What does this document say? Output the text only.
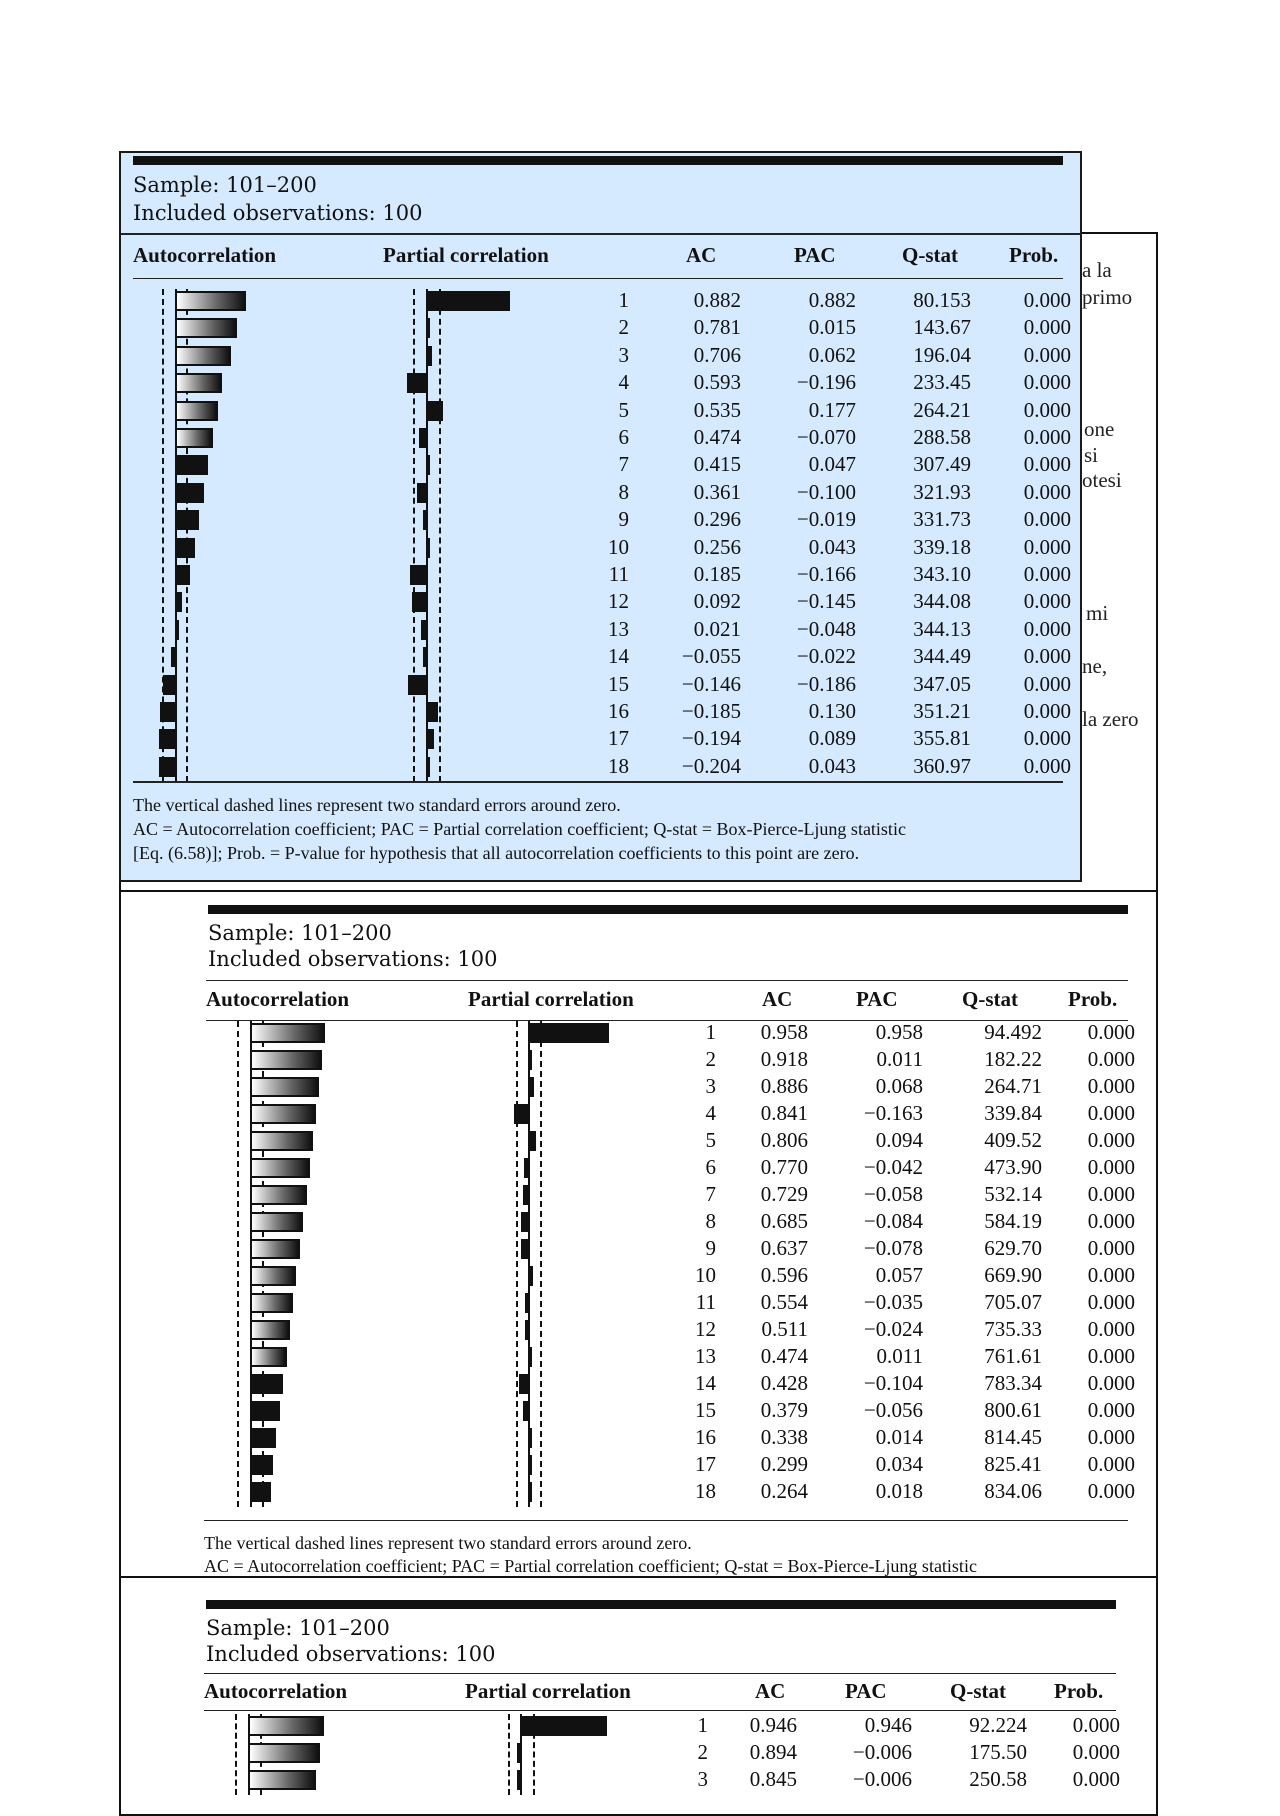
a la
primo
one
si
otesi
mi
ne,
la zero
Sample: 101–200
Included observations: 100
Autocorrelation	Partial correlation	AC	PAC	Q-stat Prob.
1	0.882	0.882	80.153	0.000
2	0.781	0.015	143.67	0.000
3	0.706	0.062	196.04	0.000
4	0.593	−0.196	233.45	0.000
5	0.535	0.177	264.21	0.000
6	0.474	−0.070	288.58	0.000
7	0.415	0.047	307.49	0.000
8	0.361	−0.100	321.93	0.000
9	0.296	−0.019	331.73	0.000
10	0.256	0.043	339.18	0.000
11	0.185	−0.166	343.10	0.000
12	0.092	−0.145	344.08	0.000
13	0.021	−0.048	344.13	0.000
14	−0.055	−0.022	344.49	0.000
15	−0.146	−0.186	347.05	0.000
16	−0.185	0.130	351.21	0.000
17	−0.194	0.089	355.81	0.000
18	−0.204	0.043	360.97	0.000
The vertical dashed lines represent two standard errors around zero.
AC = Autocorrelation coefficient; PAC = Partial correlation coefficient; Q-stat = Box-Pierce-Ljung statistic
[Eq. (6.58)]; Prob. = P-value for hypothesis that all autocorrelation coefficients to this point are zero.
Sample: 101–200
Included observations: 100
Autocorrelation	Partial correlation	AC	PAC	Q-stat Prob.
1	0.958	0.958	94.492	0.000
2	0.918	0.011	182.22	0.000
3	0.886	0.068	264.71	0.000
4	0.841	−0.163	339.84	0.000
5	0.806	0.094	409.52	0.000
6	0.770	−0.042	473.90	0.000
7	0.729	−0.058	532.14	0.000
8	0.685	−0.084	584.19	0.000
9	0.637	−0.078	629.70	0.000
10	0.596	0.057	669.90	0.000
11	0.554	−0.035	705.07	0.000
12	0.511	−0.024	735.33	0.000
13	0.474	0.011	761.61	0.000
14	0.428	−0.104	783.34	0.000
15	0.379	−0.056	800.61	0.000
16	0.338	0.014	814.45	0.000
17	0.299	0.034	825.41	0.000
18	0.264	0.018	834.06	0.000
The vertical dashed lines represent two standard errors around zero.
AC = Autocorrelation coefficient; PAC = Partial correlation coefficient; Q-stat = Box-Pierce-Ljung statistic
Sample: 101–200
Included observations: 100
Autocorrelation	Partial correlation	AC	PAC	Q-stat Prob.
1	0.946	0.946	92.224	0.000
2	0.894	−0.006	175.50	0.000
3	0.845	−0.006	250.58	0.000
